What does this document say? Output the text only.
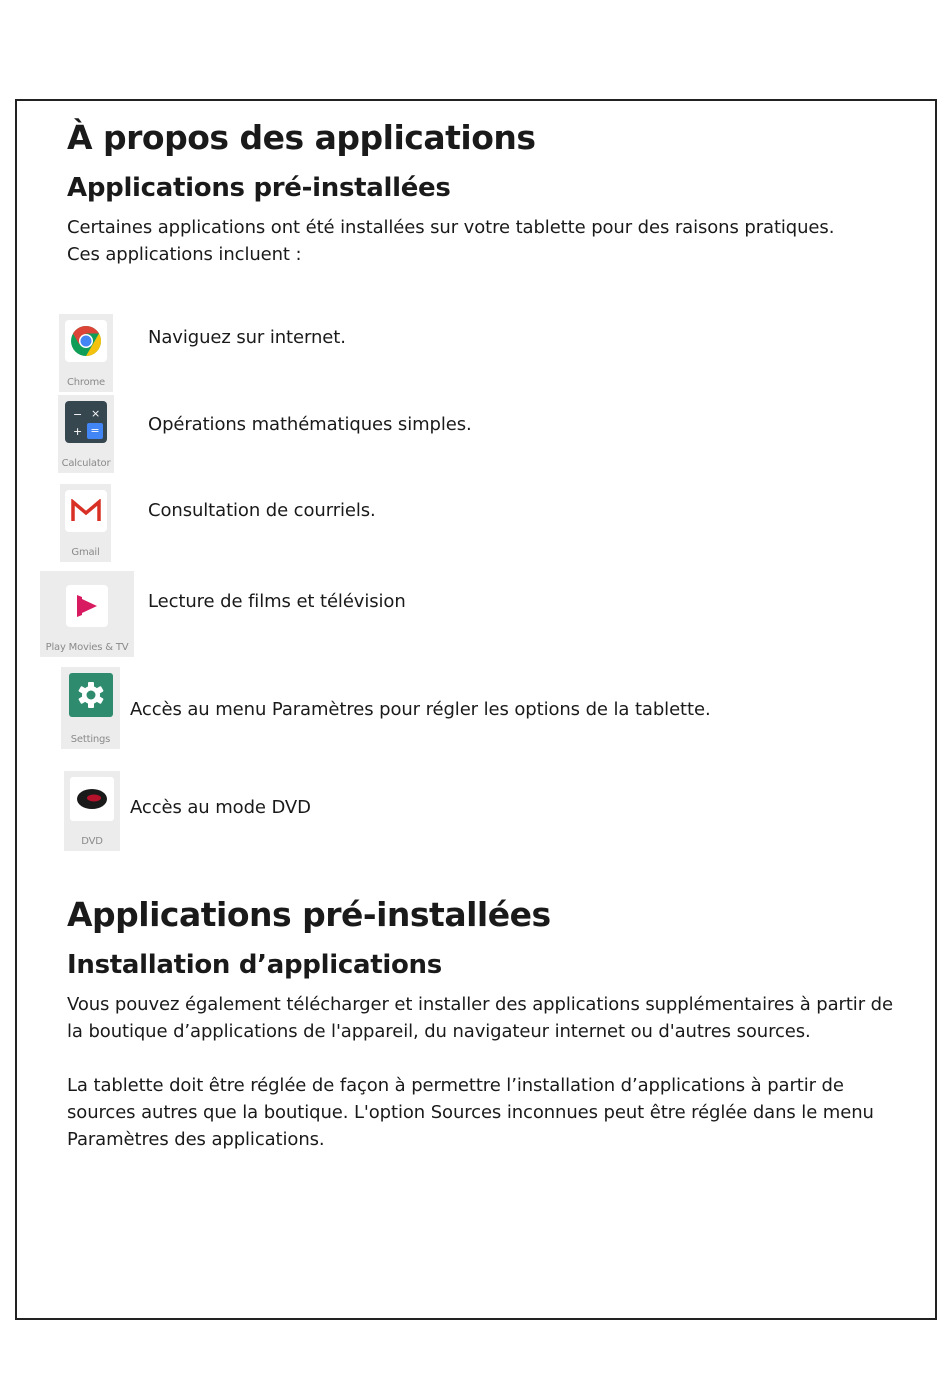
À propos des applications
Applications pré-installées

Certaines applications ont été installées sur votre tablette pour des raisons pratiques.

Ces applications incluent :

Chrome

Naviguez sur internet.

− ×
+ =
Calculator

Opérations mathématiques simples.

Gmail

Consultation de courriels.

Play Movies & TV

Lecture de films et télévision

Settings

Accès au menu Paramètres pour régler les options de la tablette.

DVD

Accès au mode DVD

Applications pré-installées
Installation d’applications

Vous pouvez également télécharger et installer des applications supplémentaires à partir de la boutique d’applications de l'appareil, du navigateur internet ou d'autres sources.

La tablette doit être réglée de façon à permettre l’installation d’applications à partir de sources autres que la boutique. L'option Sources inconnues peut être réglée dans le menu Paramètres des applications.
